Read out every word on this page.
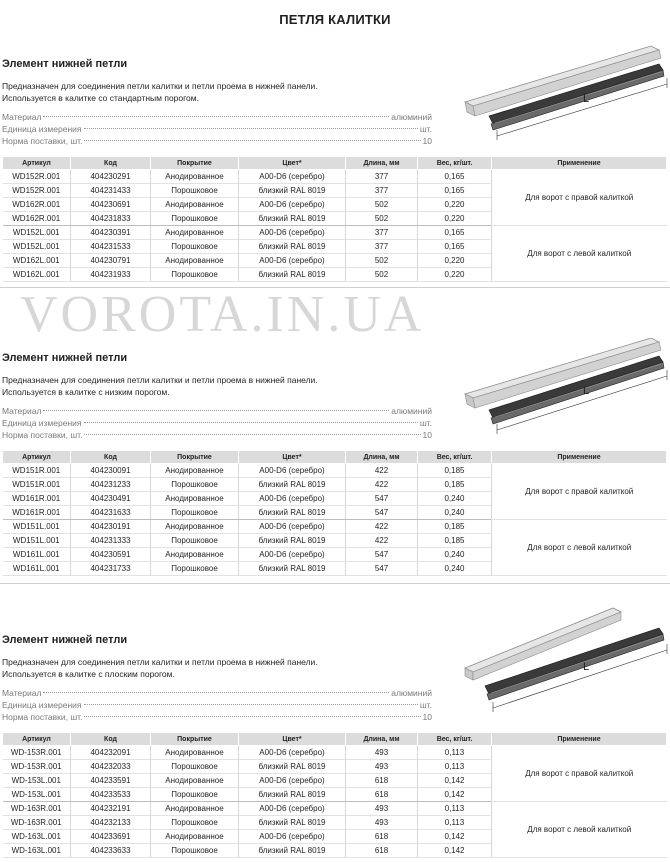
ПЕТЛЯ КАЛИТКИ
VOROTA.IN.UA
Элемент нижней петли
Предназначен для соединения петли калитки и петли проема в нижней панели.
Используется в калитке со стандартным порогом.
Материал	алюминий
Единица измерения	шт.
Норма поставки, шт.	10
L
Артикул	Код	Покрытие	Цвет*	Длина, мм	Вес, кг/шт.	Применение
WD152R.001	404230291	Анодированное	A00-D6 (серебро)	377	0,165	Для ворот с правой калиткой
WD152R.001	404231433	Порошковое	близкий RAL 8019	377	0,165	
WD162R.001	404230691	Анодированное	A00-D6 (серебро)	502	0,220	
WD162R.001	404231833	Порошковое	близкий RAL 8019	502	0,220	
WD152L.001	404230391	Анодированное	A00-D6 (серебро)	377	0,165	Для ворот с левой калиткой
WD152L.001	404231533	Порошковое	близкий RAL 8019	377	0,165	
WD162L.001	404230791	Анодированное	A00-D6 (серебро)	502	0,220	
WD162L.001	404231933	Порошковое	близкий RAL 8019	502	0,220	
Элемент нижней петли
Предназначен для соединения петли калитки и петли проема в нижней панели.
Используется в калитке с низким порогом.
Материал	алюминий
Единица измерения	шт.
Норма поставки, шт.	10
L
Артикул	Код	Покрытие	Цвет*	Длина, мм	Вес, кг/шт.	Применение
WD151R.001	404230091	Анодированное	A00-D6 (серебро)	422	0,185	Для ворот с правой калиткой
WD151R.001	404231233	Порошковое	близкий RAL 8019	422	0,185	
WD161R.001	404230491	Анодированное	A00-D6 (серебро)	547	0,240	
WD161R.001	404231633	Порошковое	близкий RAL 8019	547	0,240	
WD151L.001	404230191	Анодированное	A00-D6 (серебро)	422	0,185	Для ворот с левой калиткой
WD151L.001	404231333	Порошковое	близкий RAL 8019	422	0,185	
WD161L.001	404230591	Анодированное	A00-D6 (серебро)	547	0,240	
WD161L.001	404231733	Порошковое	близкий RAL 8019	547	0,240	
Элемент нижней петли
Предназначен для соединения петли калитки и петли проема в нижней панели.
Используется в калитке с плоским порогом.
Материал	алюминий
Единица измерения	шт.
Норма поставки, шт.	10
L
Артикул	Код	Покрытие	Цвет*	Длина, мм	Вес, кг/шт.	Применение
WD-153R.001	404232091	Анодированное	A00-D6 (серебро)	493	0,113	Для ворот с правой калиткой
WD-153R.001	404232033	Порошковое	близкий RAL 8019	493	0,113	
WD-153L.001	404233591	Анодированное	A00-D6 (серебро)	618	0,142	
WD-153L.001	404233533	Порошковое	близкий RAL 8019	618	0,142	
WD-163R.001	404232191	Анодированное	A00-D6 (серебро)	493	0,113	Для ворот с левой калиткой
WD-163R.001	404232133	Порошковое	близкий RAL 8019	493	0,113	
WD-163L.001	404233691	Анодированное	A00-D6 (серебро)	618	0,142	
WD-163L.001	404233633	Порошковое	близкий RAL 8019	618	0,142	
